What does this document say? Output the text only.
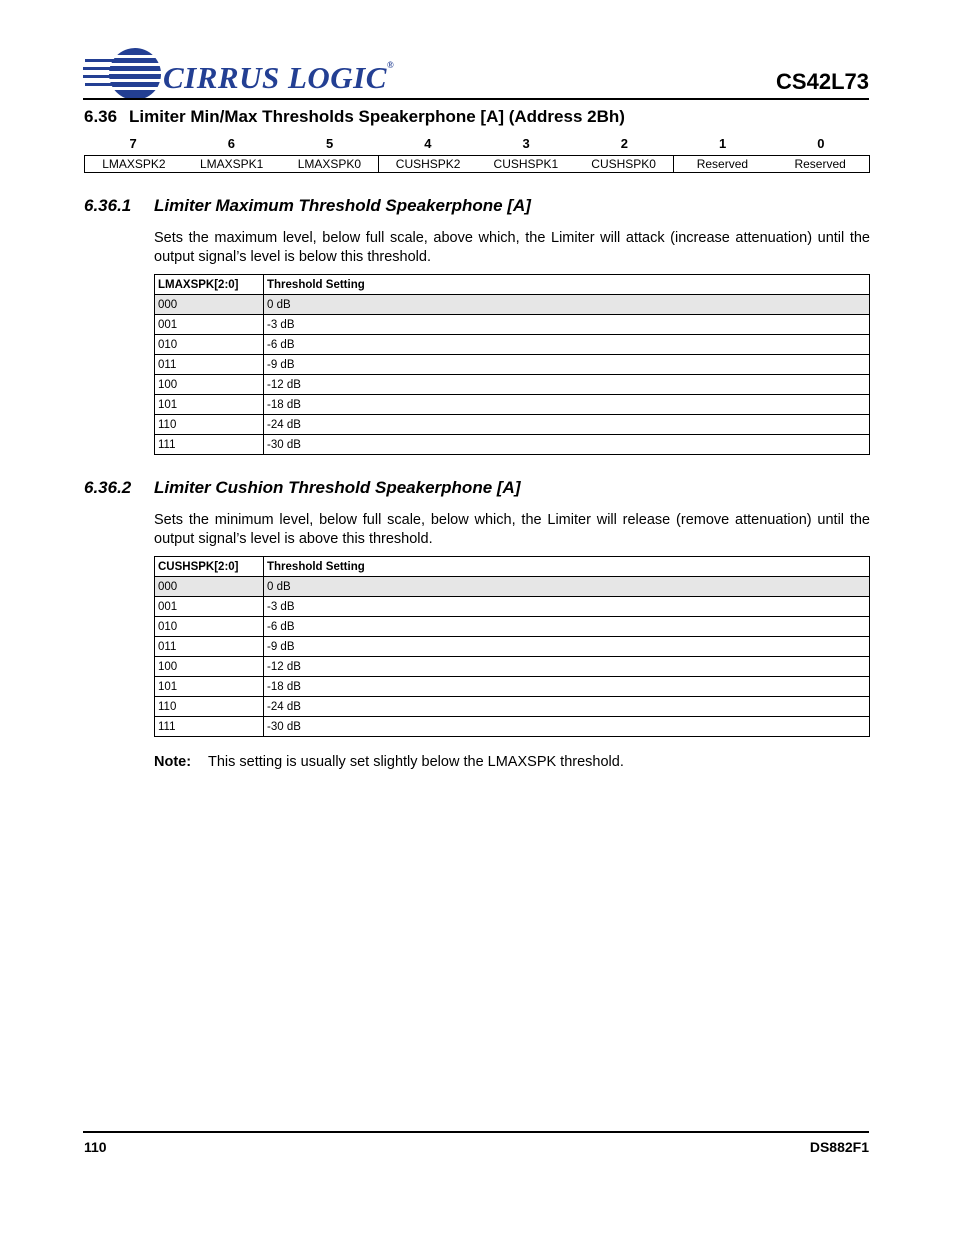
CIRRUS LOGIC®
CS42L73
6.36 Limiter Min/Max Thresholds Speakerphone [A] (Address 2Bh)
7	6	5	4	3	2	1	0
LMAXSPK2	LMAXSPK1	LMAXSPK0	CUSHSPK2	CUSHSPK1	CUSHSPK0	Reserved	Reserved
6.36.1 Limiter Maximum Threshold Speakerphone [A]
Sets the maximum level, below full scale, above which, the Limiter will attack (increase attenuation) until the output signal’s level is below this threshold.
LMAXSPK[2:0]	Threshold Setting
000	0 dB
001	-3 dB
010	-6 dB
011	-9 dB
100	-12 dB
101	-18 dB
110	-24 dB
111	-30 dB
6.36.2 Limiter Cushion Threshold Speakerphone [A]
Sets the minimum level, below full scale, below which, the Limiter will release (remove attenuation) until the output signal’s level is above this threshold.
CUSHSPK[2:0]	Threshold Setting
000	0 dB
001	-3 dB
010	-6 dB
011	-9 dB
100	-12 dB
101	-18 dB
110	-24 dB
111	-30 dB
Note: This setting is usually set slightly below the LMAXSPK threshold.
110	DS882F1
